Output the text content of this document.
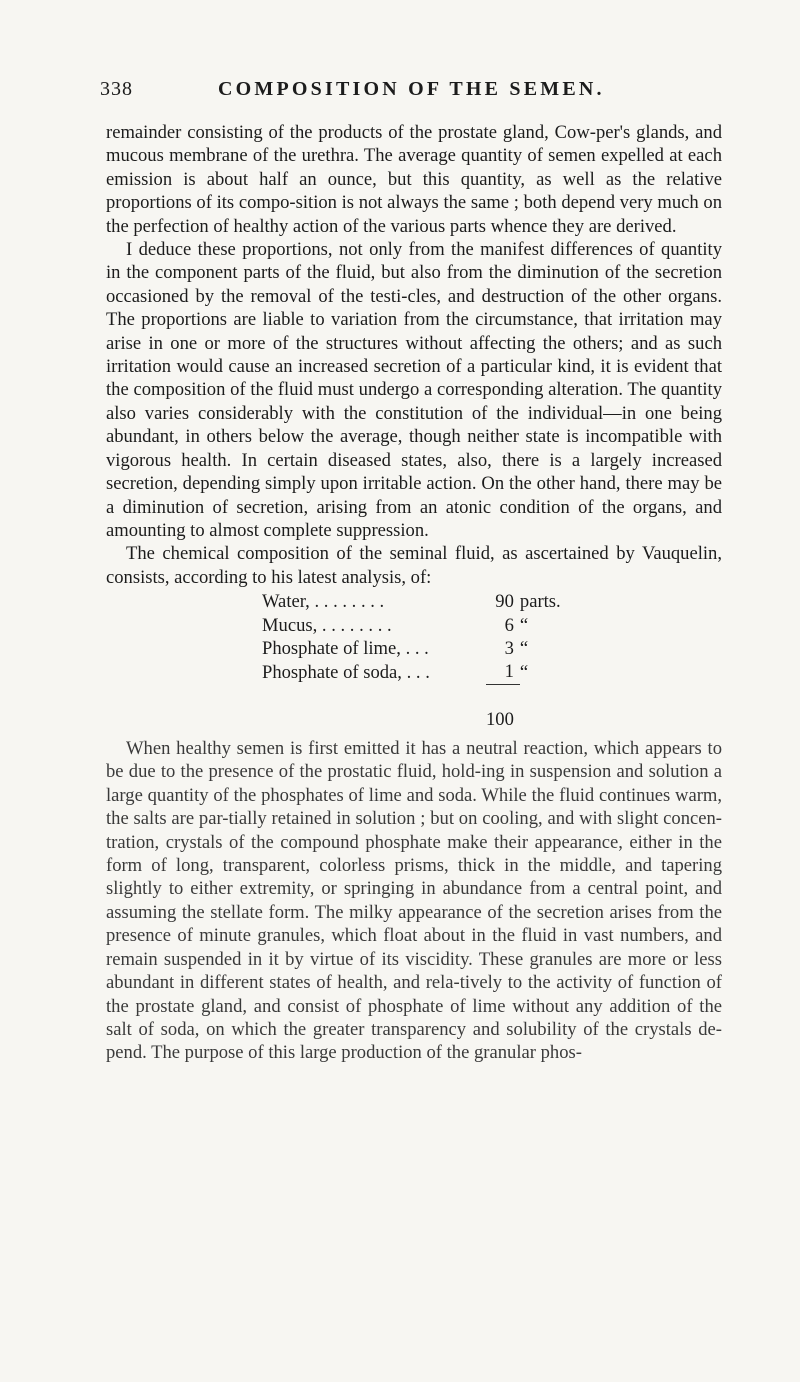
338	COMPOSITION OF THE SEMEN.

remainder consisting of the products of the prostate gland, Cow-per's glands, and mucous membrane of the urethra. The average quantity of semen expelled at each emission is about half an ounce, but this quantity, as well as the relative proportions of its compo-sition is not always the same ; both depend very much on the perfection of healthy action of the various parts whence they are derived.

I deduce these proportions, not only from the manifest differences of quantity in the component parts of the fluid, but also from the diminution of the secretion occasioned by the removal of the testi-cles, and destruction of the other organs. The proportions are liable to variation from the circumstance, that irritation may arise in one or more of the structures without affecting the others; and as such irritation would cause an increased secretion of a particular kind, it is evident that the composition of the fluid must undergo a corresponding alteration. The quantity also varies considerably with the constitution of the individual—in one being abundant, in others below the average, though neither state is incompatible with vigorous health. In certain diseased states, also, there is a largely increased secretion, depending simply upon irritable action. On the other hand, there may be a diminution of secretion, arising from an atonic condition of the organs, and amounting to almost complete suppression.

The chemical composition of the seminal fluid, as ascertained by Vauquelin, consists, according to his latest analysis, of:

Water, . . . . . . . .	90	parts.
Mucus, . . . . . . . .	6	“
Phosphate of lime, . . .	3	“
Phosphate of soda, . . .	1	“

	100	

When healthy semen is first emitted it has a neutral reaction, which appears to be due to the presence of the prostatic fluid, hold-ing in suspension and solution a large quantity of the phosphates of lime and soda. While the fluid continues warm, the salts are par-tially retained in solution ; but on cooling, and with slight concen-tration, crystals of the compound phosphate make their appearance, either in the form of long, transparent, colorless prisms, thick in the middle, and tapering slightly to either extremity, or springing in abundance from a central point, and assuming the stellate form. The milky appearance of the secretion arises from the presence of minute granules, which float about in the fluid in vast numbers, and remain suspended in it by virtue of its viscidity. These granules are more or less abundant in different states of health, and rela-tively to the activity of function of the prostate gland, and consist of phosphate of lime without any addition of the salt of soda, on which the greater transparency and solubility of the crystals de-pend. The purpose of this large production of the granular phos-
